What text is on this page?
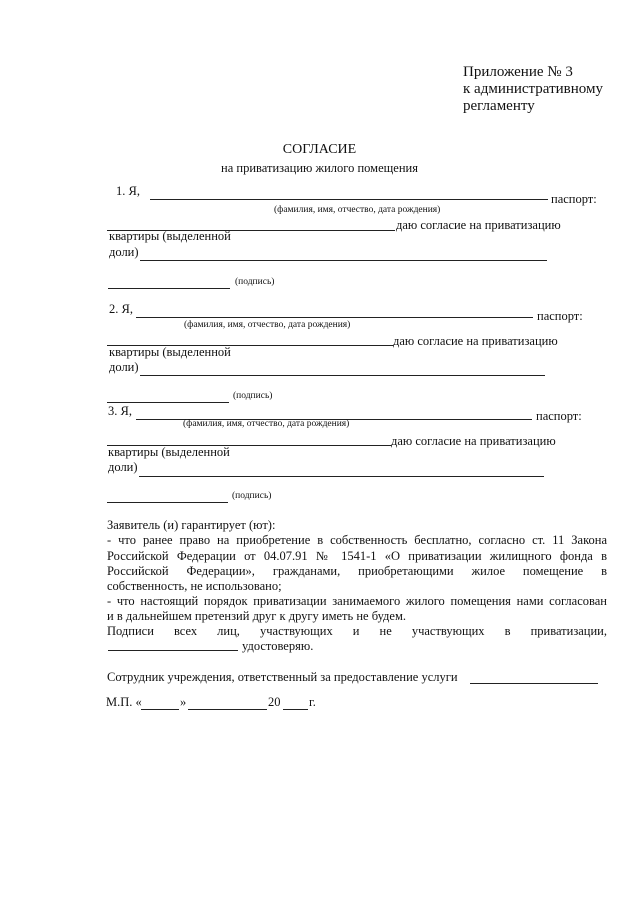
Приложение № 3
к административному
регламенту
СОГЛАСИЕ
на приватизацию жилого помещения
1. Я,
паспорт:
(фамилия, имя, отчество, дата рождения)
даю согласие на приватизацию
квартиры (выделенной
доли)
(подпись)
2. Я,	паспорт:
(фамилия, имя, отчество, дата рождения)
даю согласие на приватизацию
квартиры (выделенной
доли)
(подпись)
3. Я,	паспорт:
(фамилия, имя, отчество, дата рождения)
даю согласие на приватизацию
квартиры (выделенной
доли)
(подпись)
Заявитель (и) гарантирует (ют):
- что ранее право на приобретение в собственность бесплатно, согласно ст. 11 Закона
Российской Федерации от 04.07.91 № 1541-1 «О приватизации жилищного фонда в
Российской Федерации», гражданами, приобретающими жилое помещение в
собственность, не использовано;
- что настоящий порядок приватизации занимаемого жилого помещения нами согласован
и в дальнейшем претензий друг к другу иметь не будем.
Подписи всех лиц, участвующих и не участвующих в приватизации,
удостоверяю.
Сотрудник учреждения, ответственный за предоставление услуги
М.П. «	»	20 г.
